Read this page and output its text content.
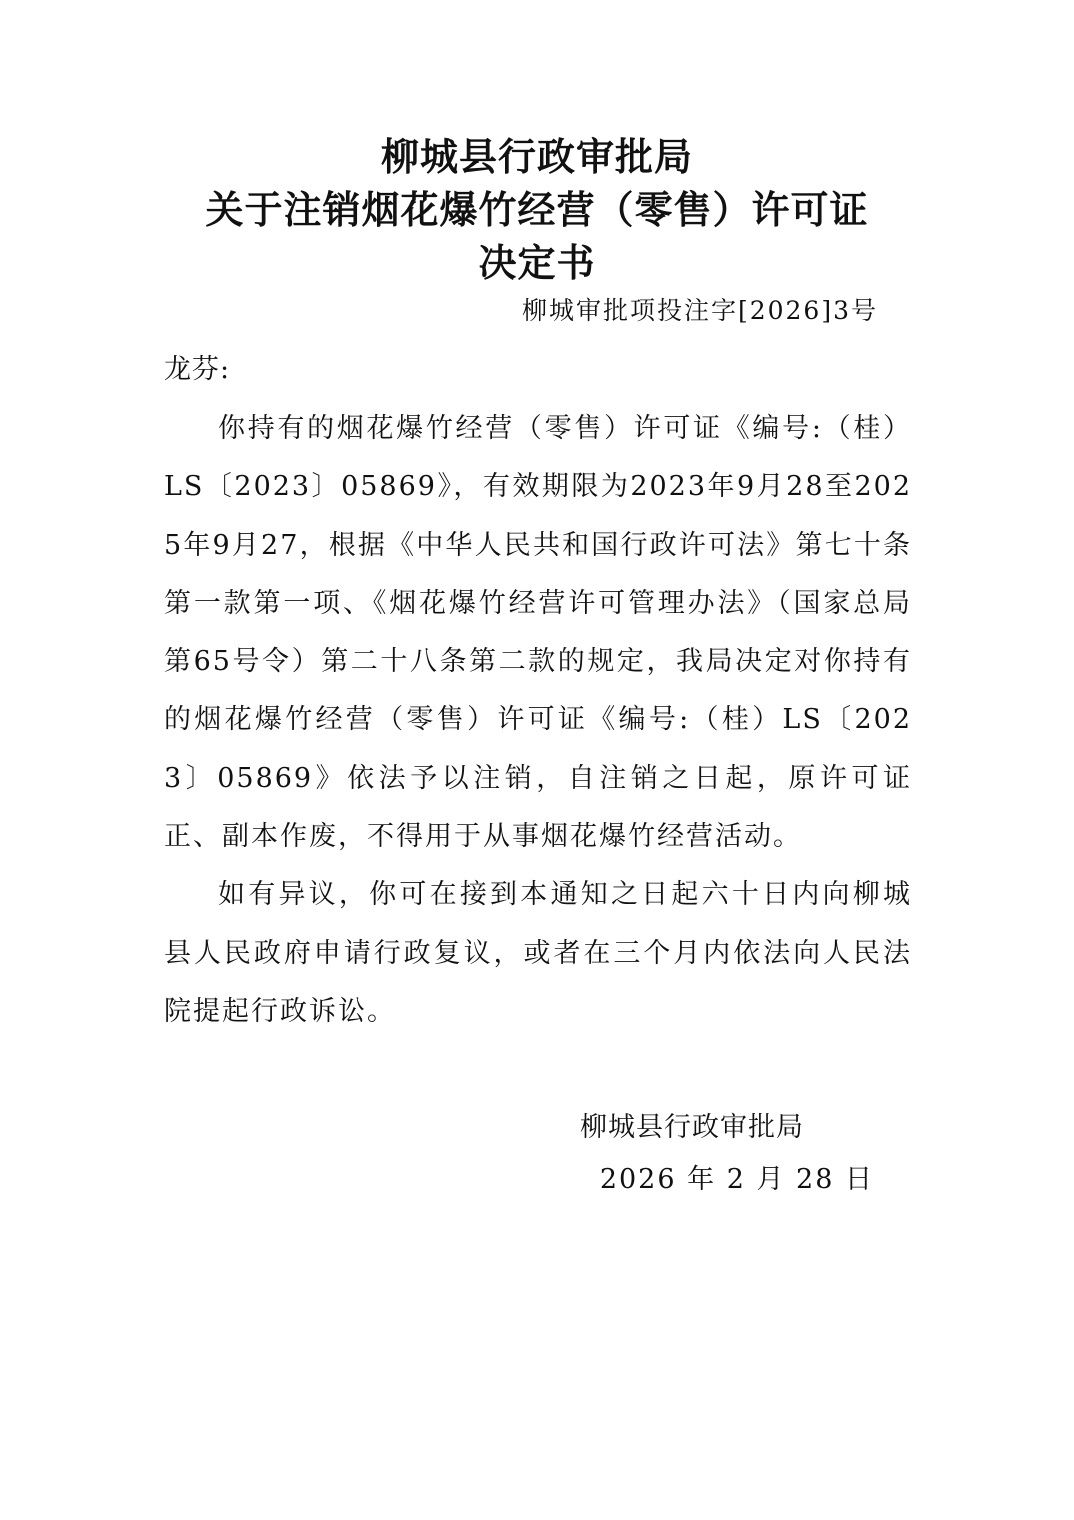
柳城县行政审批局
关于注销烟花爆竹经营（零售）许可证
决定书
柳城审批项投注字[2026]3号
龙芬:

你持有的烟花爆竹经营（零售）许可证《编号:（桂）LS〔2023〕05869》，有效期限为2023年9月28至2025年9月27，根据《中华人民共和国行政许可法》第七十条第一款第一项、《烟花爆竹经营许可管理办法》（国家总局第65号令）第二十八条第二款的规定，我局决定对你持有的烟花爆竹经营（零售）许可证《编号:（桂）LS〔2023〕05869》依法予以注销，自注销之日起，原许可证正、副本作废，不得用于从事烟花爆竹经营活动。

如有异议，你可在接到本通知之日起六十日内向柳城县人民政府申请行政复议，或者在三个月内依法向人民法院提起行政诉讼。

柳城县行政审批局
2026 年 2 月 28 日
